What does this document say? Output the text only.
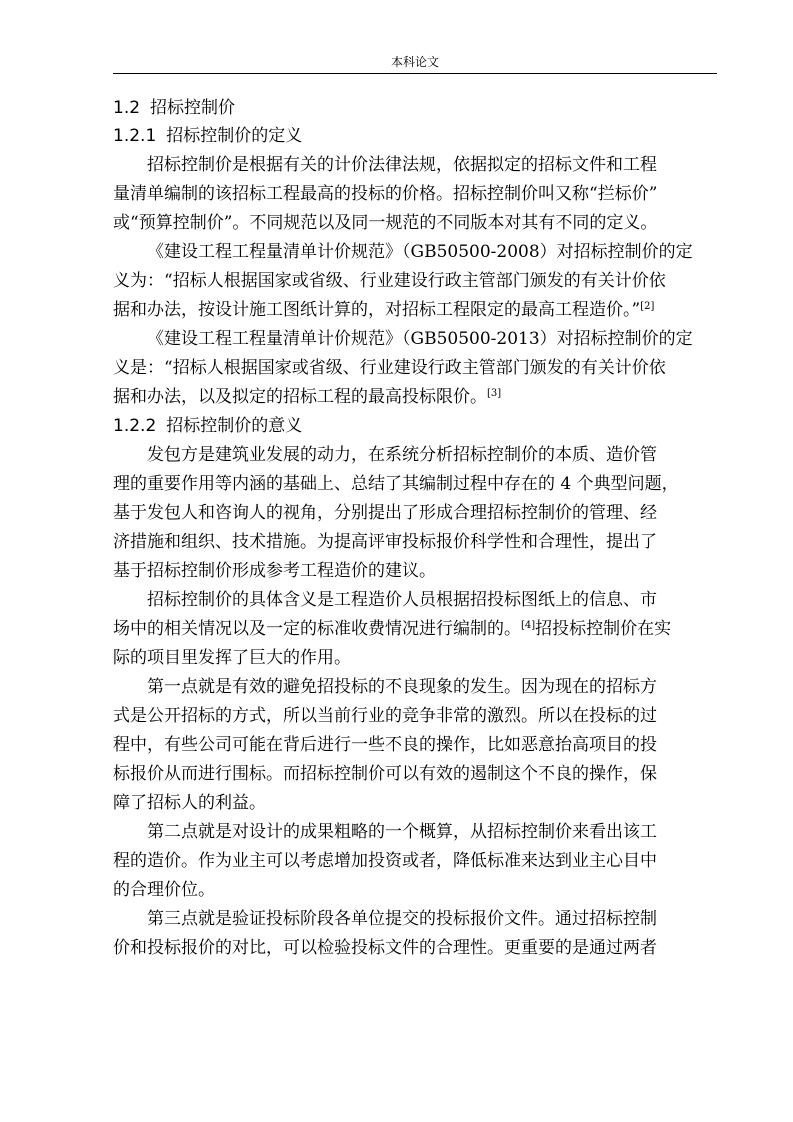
本科论文
1.2 招标控制价
1.2.1 招标控制价的定义

招标控制价是根据有关的计价法律法规，依据拟定的招标文件和工程
量清单编制的该招标工程最高的投标的价格。招标控制价叫又称“拦标价”
或“预算控制价”。不同规范以及同一规范的不同版本对其有不同的定义。

《建设工程工程量清单计价规范》（GB50500-2008）对招标控制价的定
义为：“招标人根据国家或省级、行业建设行政主管部门颁发的有关计价依
据和办法，按设计施工图纸计算的，对招标工程限定的最高工程造价。”[2]

《建设工程工程量清单计价规范》（GB50500-2013）对招标控制价的定
义是：“招标人根据国家或省级、行业建设行政主管部门颁发的有关计价依
据和办法，以及拟定的招标工程的最高投标限价。[3]

1.2.2 招标控制价的意义

发包方是建筑业发展的动力，在系统分析招标控制价的本质、造价管
理的重要作用等内涵的基础上、总结了其编制过程中存在的 4 个典型问题，
基于发包人和咨询人的视角，分别提出了形成合理招标控制价的管理、经
济措施和组织、技术措施。为提高评审投标报价科学性和合理性，提出了
基于招标控制价形成参考工程造价的建议。

招标控制价的具体含义是工程造价人员根据招投标图纸上的信息、市
场中的相关情况以及一定的标准收费情况进行编制的。[4]招投标控制价在实
际的项目里发挥了巨大的作用。

第一点就是有效的避免招投标的不良现象的发生。因为现在的招标方
式是公开招标的方式，所以当前行业的竞争非常的激烈。所以在投标的过
程中，有些公司可能在背后进行一些不良的操作，比如恶意抬高项目的投
标报价从而进行围标。而招标控制价可以有效的遏制这个不良的操作，保
障了招标人的利益。

第二点就是对设计的成果粗略的一个概算，从招标控制价来看出该工
程的造价。作为业主可以考虑增加投资或者，降低标准来达到业主心目中
的合理价位。

第三点就是验证投标阶段各单位提交的投标报价文件。通过招标控制
价和投标报价的对比，可以检验投标文件的合理性。更重要的是通过两者
